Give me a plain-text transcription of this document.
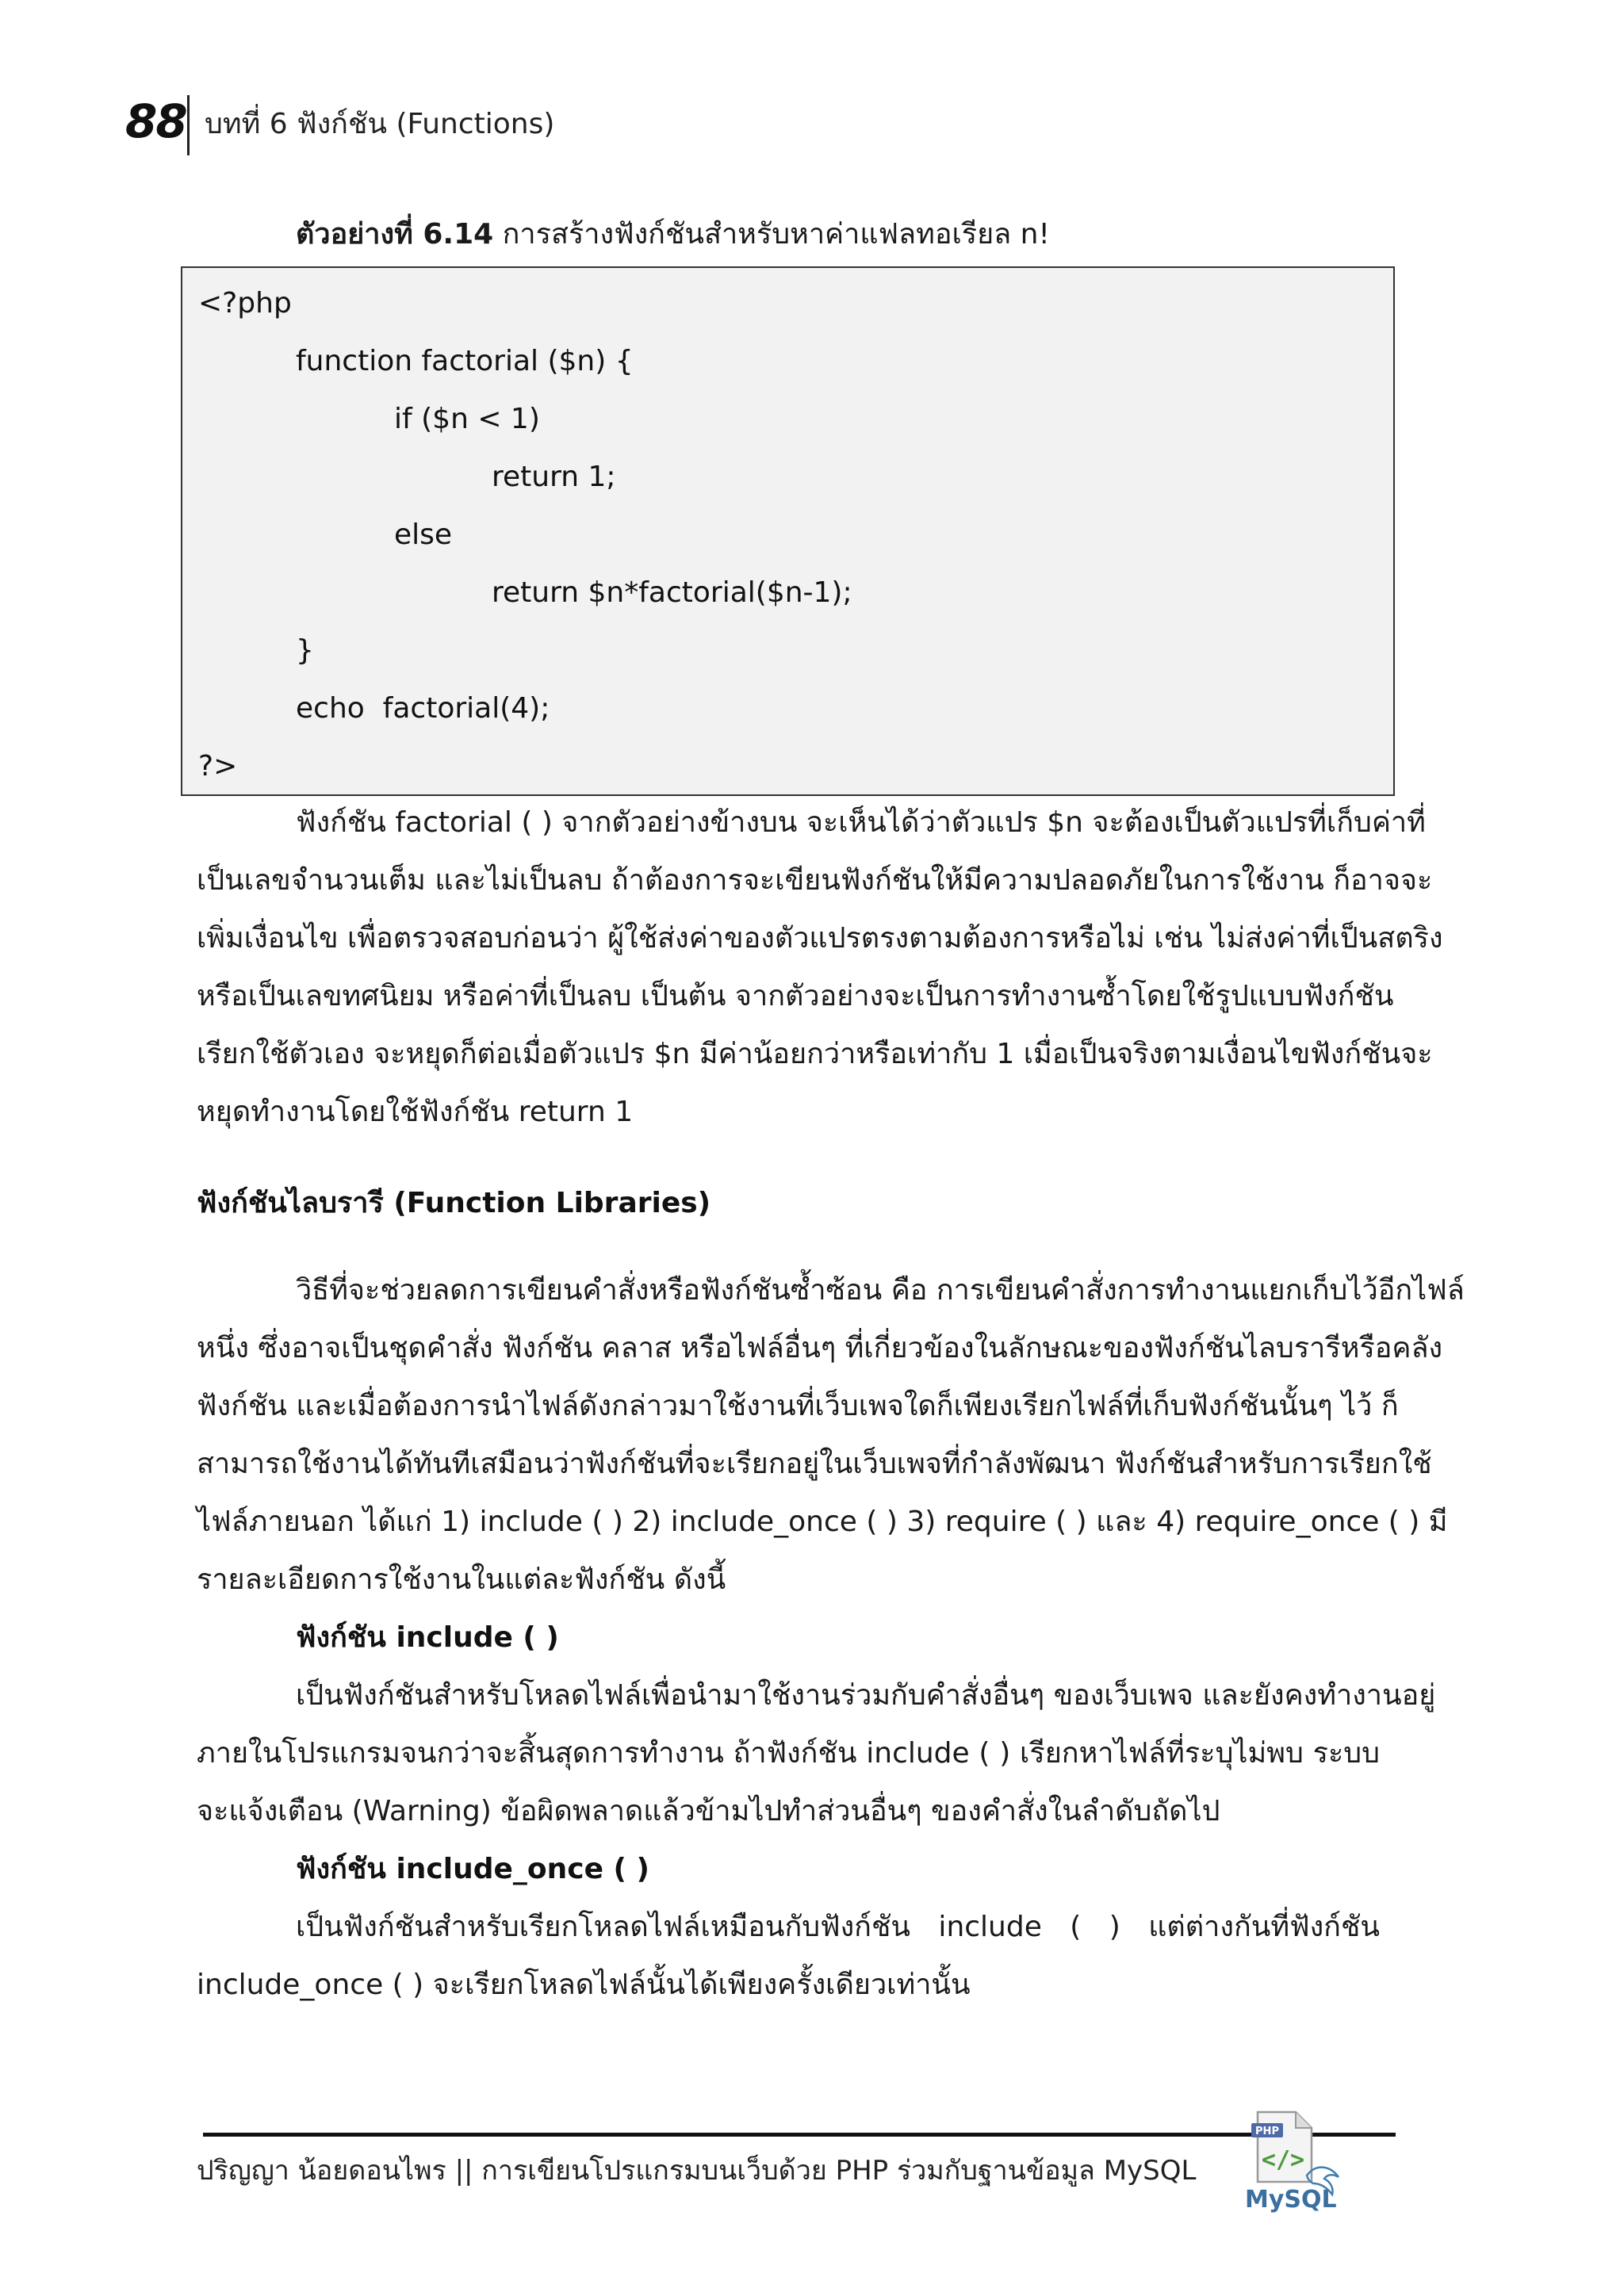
88 บทที่ 6 ฟังก์ชัน (Functions)
ตัวอย่างที่ 6.14 การสร้างฟังก์ชันสำหรับหาค่าแฟลทอเรียล n!
<?php
function factorial ($n) {
if ($n < 1)
return 1;
else
return $n*factorial($n-1);
}
echo  factorial(4);
?>
ฟังก์ชัน factorial ( ) จากตัวอย่างข้างบน จะเห็นได้ว่าตัวแปร $n จะต้องเป็นตัวแปรที่เก็บค่าที่
เป็นเลขจำนวนเต็ม และไม่เป็นลบ ถ้าต้องการจะเขียนฟังก์ชันให้มีความปลอดภัยในการใช้งาน ก็อาจจะ
เพิ่มเงื่อนไข เพื่อตรวจสอบก่อนว่า ผู้ใช้ส่งค่าของตัวแปรตรงตามต้องการหรือไม่ เช่น ไม่ส่งค่าที่เป็นสตริง
หรือเป็นเลขทศนิยม หรือค่าที่เป็นลบ เป็นต้น จากตัวอย่างจะเป็นการทำงานซ้ำโดยใช้รูปแบบฟังก์ชัน
เรียกใช้ตัวเอง จะหยุดก็ต่อเมื่อตัวแปร $n มีค่าน้อยกว่าหรือเท่ากับ 1 เมื่อเป็นจริงตามเงื่อนไขฟังก์ชันจะ
หยุดทำงานโดยใช้ฟังก์ชัน return 1
ฟังก์ชันไลบรารี (Function Libraries)
วิธีที่จะช่วยลดการเขียนคำสั่งหรือฟังก์ชันซ้ำซ้อน คือ การเขียนคำสั่งการทำงานแยกเก็บไว้อีกไฟล์
หนึ่ง ซึ่งอาจเป็นชุดคำสั่ง ฟังก์ชัน คลาส หรือไฟล์อื่นๆ ที่เกี่ยวข้องในลักษณะของฟังก์ชันไลบรารีหรือคลัง
ฟังก์ชัน และเมื่อต้องการนำไฟล์ดังกล่าวมาใช้งานที่เว็บเพจใดก็เพียงเรียกไฟล์ที่เก็บฟังก์ชันนั้นๆ ไว้ ก็
สามารถใช้งานได้ทันทีเสมือนว่าฟังก์ชันที่จะเรียกอยู่ในเว็บเพจที่กำลังพัฒนา ฟังก์ชันสำหรับการเรียกใช้
ไฟล์ภายนอก ได้แก่ 1) include ( ) 2) include_once ( ) 3) require ( ) และ 4) require_once ( ) มี
รายละเอียดการใช้งานในแต่ละฟังก์ชัน ดังนี้
ฟังก์ชัน include ( )
เป็นฟังก์ชันสำหรับโหลดไฟล์เพื่อนำมาใช้งานร่วมกับคำสั่งอื่นๆ ของเว็บเพจ และยังคงทำงานอยู่
ภายในโปรแกรมจนกว่าจะสิ้นสุดการทำงาน ถ้าฟังก์ชัน include ( ) เรียกหาไฟล์ที่ระบุไม่พบ ระบบ
จะแจ้งเตือน (Warning) ข้อผิดพลาดแล้วข้ามไปทำส่วนอื่นๆ ของคำสั่งในลำดับถัดไป
ฟังก์ชัน include_once ( )
เป็นฟังก์ชันสำหรับเรียกโหลดไฟล์เหมือนกับฟังก์ชัน include ( ) แต่ต่างกันที่ฟังก์ชัน
include_once ( ) จะเรียกโหลดไฟล์นั้นได้เพียงครั้งเดียวเท่านั้น
ปริญญา น้อยดอนไพร || การเขียนโปรแกรมบนเว็บด้วย PHP ร่วมกับฐานข้อมูล MySQL
PHP
</>
MySQL
